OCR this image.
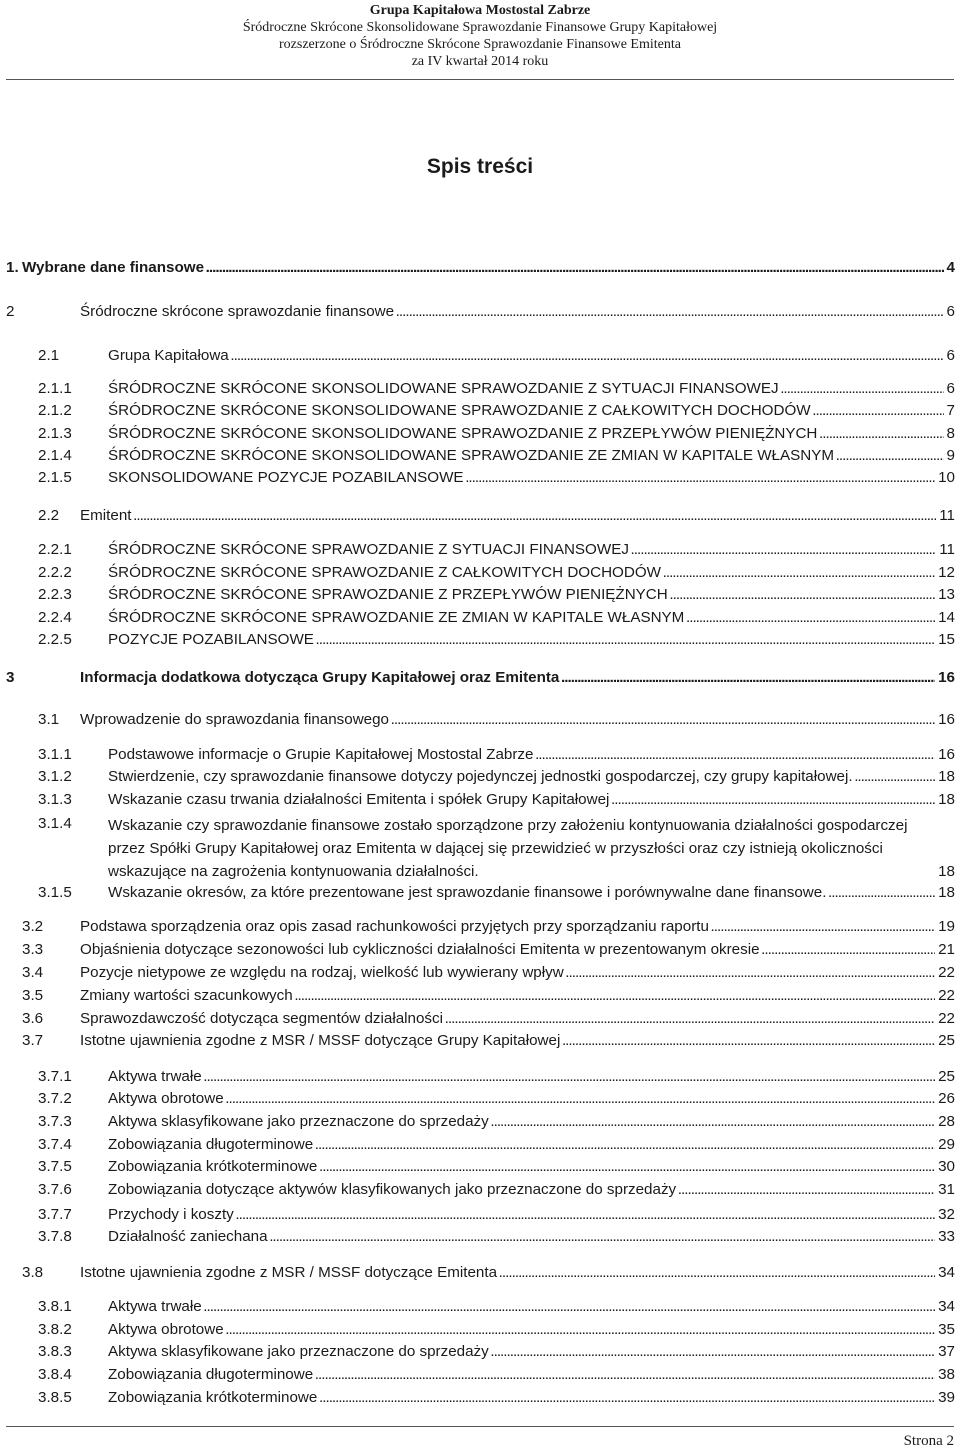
Grupa Kapitałowa Mostostal Zabrze
Śródroczne Skrócone Skonsolidowane Sprawozdanie Finansowe Grupy Kapitałowej
rozszerzone o Śródroczne Skrócone Sprawozdanie Finansowe Emitenta
za IV kwartał 2014 roku
Spis treści
1. Wybrane dane finansowe . . .	4
2	Śródroczne skrócone sprawozdanie finansowe . . .	6
2.1	Grupa Kapitałowa . . .	6
2.1.1	ŚRÓDROCZNE SKRÓCONE SKONSOLIDOWANE SPRAWOZDANIE Z SYTUACJI FINANSOWEJ . . .	6
2.1.2	ŚRÓDROCZNE SKRÓCONE SKONSOLIDOWANE SPRAWOZDANIE Z CAŁKOWITYCH DOCHODÓW . . .	7
2.1.3	ŚRÓDROCZNE SKRÓCONE SKONSOLIDOWANE SPRAWOZDANIE Z PRZEPŁYWÓW PIENIĘŻNYCH . . .	8
2.1.4	ŚRÓDROCZNE SKRÓCONE SKONSOLIDOWANE SPRAWOZDANIE ZE ZMIAN W KAPITALE WŁASNYM . . .	9
2.1.5	SKONSOLIDOWANE POZYCJE POZABILANSOWE . . .	10
2.2	Emitent . . .	11
2.2.1	ŚRÓDROCZNE SKRÓCONE SPRAWOZDANIE Z SYTUACJI FINANSOWEJ . . .	11
2.2.2	ŚRÓDROCZNE SKRÓCONE SPRAWOZDANIE Z CAŁKOWITYCH DOCHODÓW . . .	12
2.2.3	ŚRÓDROCZNE SKRÓCONE SPRAWOZDANIE Z PRZEPŁYWÓW PIENIĘŻNYCH . . .	13
2.2.4	ŚRÓDROCZNE SKRÓCONE SPRAWOZDANIE ZE ZMIAN W KAPITALE WŁASNYM . . .	14
2.2.5	POZYCJE POZABILANSOWE . . .	15
3	Informacja dodatkowa dotycząca Grupy Kapitałowej oraz Emitenta . . .	16
3.1	Wprowadzenie do sprawozdania finansowego . . .	16
3.1.1	Podstawowe informacje o Grupie Kapitałowej Mostostal Zabrze . . .	16
3.1.2	Stwierdzenie, czy sprawozdanie finansowe dotyczy pojedynczej jednostki gospodarczej, czy grupy kapitałowej. . . .	18
3.1.3	Wskazanie czasu trwania działalności Emitenta i spółek Grupy Kapitałowej . . .	18
3.1.4	Wskazanie czy sprawozdanie finansowe zostało sporządzone przy założeniu kontynuowania działalności gospodarczej przez Spółki Grupy Kapitałowej oraz Emitenta w dającej się przewidzieć w przyszłości oraz czy istnieją okoliczności wskazujące na zagrożenia kontynuowania działalności.	18
3.1.5	Wskazanie okresów, za które prezentowane jest sprawozdanie finansowe i porównywalne dane finansowe. . . .	18
3.2	Podstawa sporządzenia oraz opis zasad rachunkowości przyjętych przy sporządzaniu raportu . . .	19
3.3	Objaśnienia dotyczące sezonowości lub cykliczności działalności Emitenta w prezentowanym okresie . . .	21
3.4	Pozycje nietypowe ze względu na rodzaj, wielkość lub wywierany wpływ . . .	22
3.5	Zmiany wartości szacunkowych . . .	22
3.6	Sprawozdawczość dotycząca segmentów działalności . . .	22
3.7	Istotne ujawnienia zgodne z MSR / MSSF dotyczące Grupy Kapitałowej . . .	25
3.7.1	Aktywa trwałe . . .	25
3.7.2	Aktywa obrotowe . . .	26
3.7.3	Aktywa sklasyfikowane jako przeznaczone do sprzedaży . . .	28
3.7.4	Zobowiązania długoterminowe . . .	29
3.7.5	Zobowiązania krótkoterminowe . . .	30
3.7.6	Zobowiązania dotyczące aktywów klasyfikowanych jako przeznaczone do sprzedaży . . .	31
3.7.7	Przychody i koszty . . .	32
3.7.8	Działalność zaniechana . . .	33
3.8	Istotne ujawnienia zgodne z MSR / MSSF dotyczące Emitenta . . .	34
3.8.1	Aktywa trwałe . . .	34
3.8.2	Aktywa obrotowe . . .	35
3.8.3	Aktywa sklasyfikowane jako przeznaczone do sprzedaży . . .	37
3.8.4	Zobowiązania długoterminowe . . .	38
3.8.5	Zobowiązania krótkoterminowe . . .	39
Strona 2
